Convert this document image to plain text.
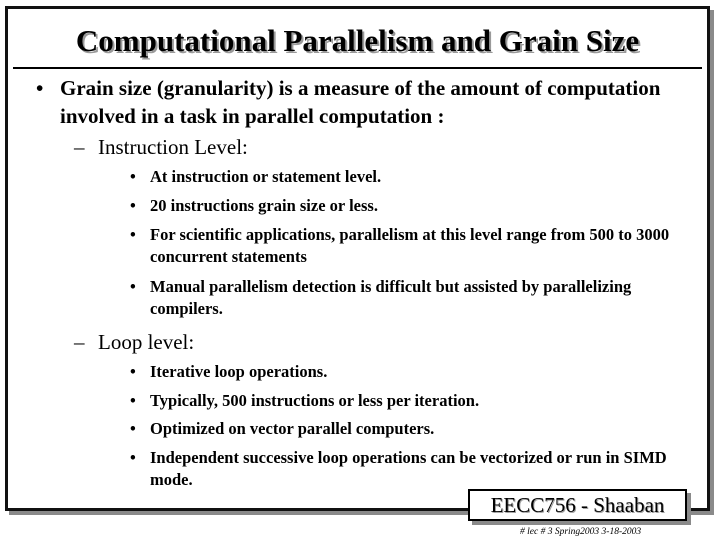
Computational Parallelism and Grain Size
• Grain size (granularity) is a measure of the amount of computation involved in a task in parallel computation :
– Instruction Level:
• At instruction or statement level.
• 20 instructions grain size or less.
• For scientific applications, parallelism at this level range from 500 to 3000 concurrent statements
• Manual parallelism detection is difficult but assisted by parallelizing compilers.
– Loop level:
• Iterative loop operations.
• Typically, 500 instructions or less per iteration.
• Optimized on vector parallel computers.
• Independent successive loop operations can be vectorized or run in SIMD mode.
EECC756 - Shaaban
# lec # 3 Spring2003 3-18-2003
